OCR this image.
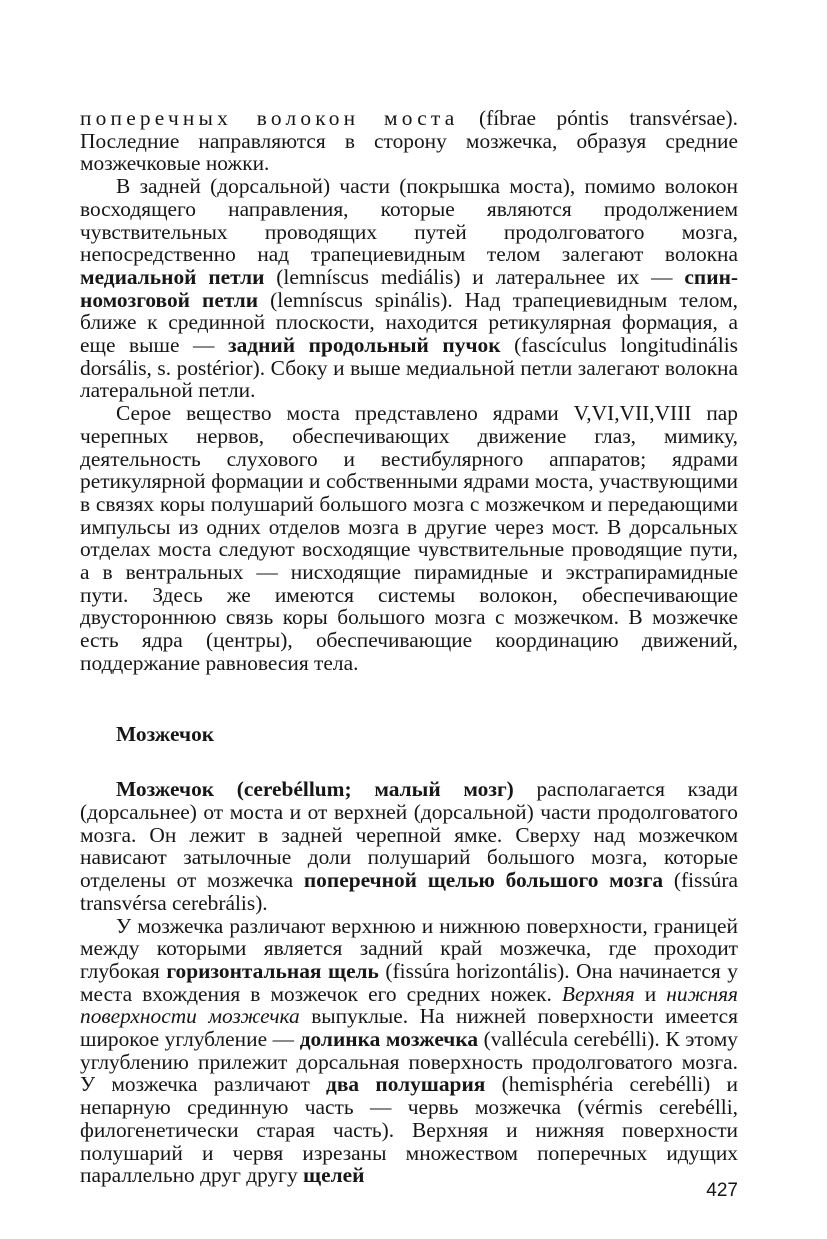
поперечных волокон моста (fíbrae póntis transvérsae). Последние направляются в сторону мозжечка, образуя средние мозжечковые ножки.

В задней (дорсальной) части (покрышка моста), помимо волокон восходящего направления, которые являются продолжением чувствительных проводящих путей продолговатого мозга, непосредственно над трапециевидным телом залегают волокна медиальной петли (lemníscus mediális) и латеральнее их — спинномозговой петли (lemníscus spinális). Над трапециевидным телом, ближе к срединной плоскости, находится ретикулярная формация, а еще выше — задний продольный пучок (fascículus longitudinális dorsális, s. postérior). Сбоку и выше медиальной петли залегают волокна латеральной петли.

Серое вещество моста представлено ядрами V,VI,VII,VIII пар черепных нервов, обеспечивающих движение глаз, мимику, деятельность слухового и вестибулярного аппаратов; ядрами ретикулярной формации и собственными ядрами моста, участвующими в связях коры полушарий большого мозга с мозжечком и передающими импульсы из одних отделов мозга в другие через мост. В дорсальных отделах моста следуют восходящие чувствительные проводящие пути, а в вентральных — нисходящие пирамидные и экстрапирамидные пути. Здесь же имеются системы волокон, обеспечивающие двустороннюю связь коры большого мозга с мозжечком. В мозжечке есть ядра (центры), обеспечивающие координацию движений, поддержание равновесия тела.

Мозжечок

Мозжечок (cerebéllum; малый мозг) располагается кзади (дорсальнее) от моста и от верхней (дорсальной) части продолговатого мозга. Он лежит в задней черепной ямке. Сверху над мозжечком нависают затылочные доли полушарий большого мозга, которые отделены от мозжечка поперечной щелью большого мозга (fissúra transvérsa cerebrális).

У мозжечка различают верхнюю и нижнюю поверхности, границей между которыми является задний край мозжечка, где проходит глубокая горизонтальная щель (fissúra horizontális). Она начинается у места вхождения в мозжечок его средних ножек. Верхняя и нижняя поверхности мозжечка выпуклые. На нижней поверхности имеется широкое углубление — долинка мозжечка (vallécula cerebélli). К этому углублению прилежит дорсальная поверхность продолговатого мозга. У мозжечка различают два полушария (hemisphéria cerebélli) и непарную срединную часть — червь мозжечка (vérmis cerebélli, филогенетически старая часть). Верхняя и нижняя поверхности полушарий и червя изрезаны множеством поперечных идущих параллельно друг другу щелей

427
